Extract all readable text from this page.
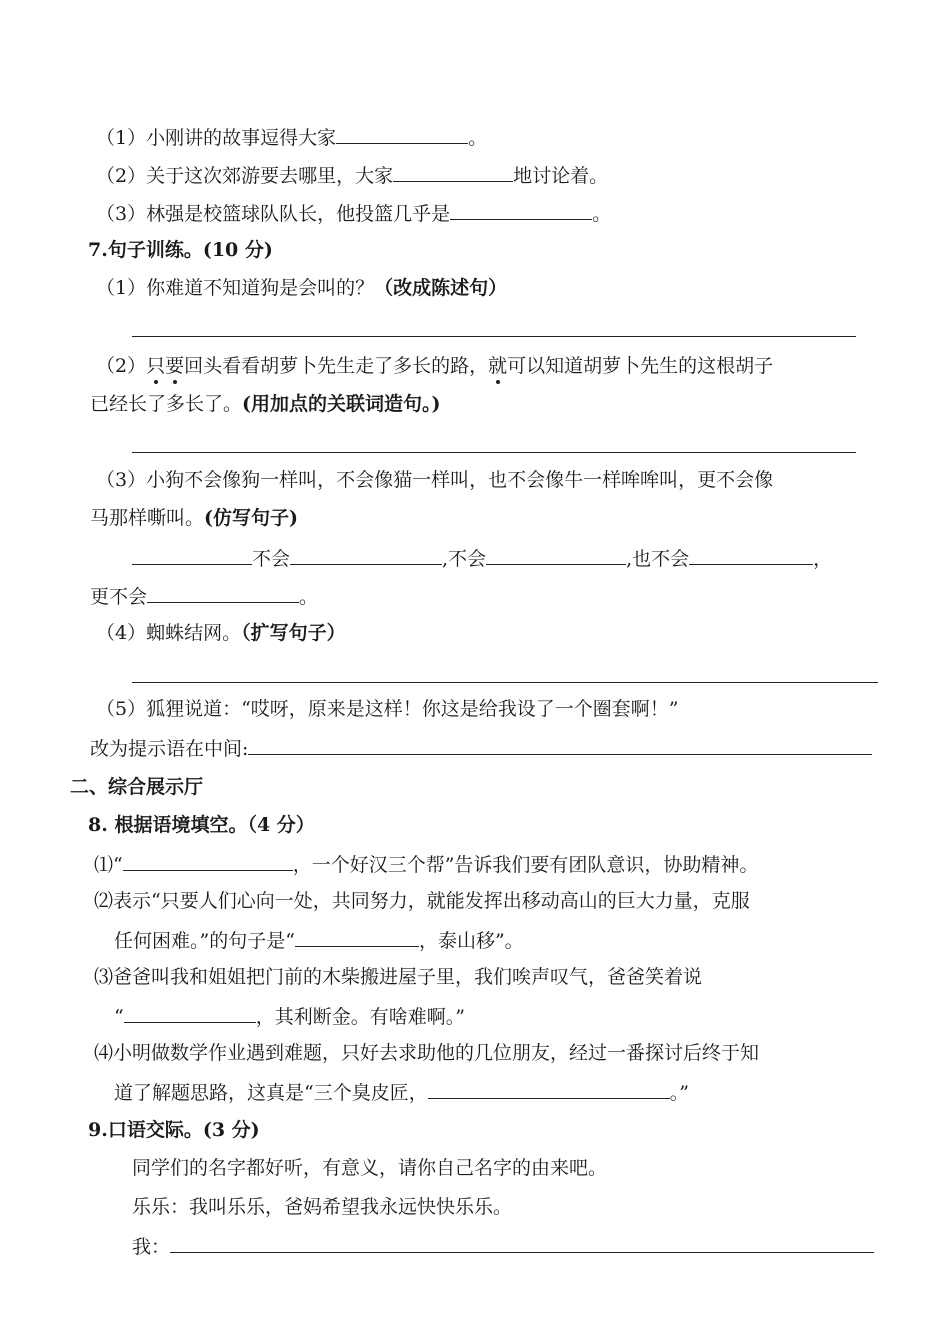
（1）小刚讲的故事逗得大家	。
（2）关于这次郊游要去哪里，大家	地讨论着。
（3）林强是校篮球队队长，他投篮几乎是	。
7.句子训练。(10 分)
（1）你难道不知道狗是会叫的？（改成陈述句）
（2）只要回头看看胡萝卜先生走了多长的路，就可以知道胡萝卜先生的这根胡子
已经长了多长了。(用加点的关联词造句。)
（3）小狗不会像狗一样叫，不会像猫一样叫，也不会像牛一样哞哞叫，更不会像
马那样嘶叫。(仿写句子)
不会	,不会	,也不会	，
更不会	。
（4）蜘蛛结网。（扩写句子）
（5）狐狸说道：“哎呀，原来是这样！你这是给我设了一个圈套啊！”
改为提示语在中间:
二、综合展示厅
8. 根据语境填空。（4 分）
⑴“	，一个好汉三个帮”告诉我们要有团队意识，协助精神。
⑵表示“只要人们心向一处，共同努力，就能发挥出移动高山的巨大力量，克服
任何困难。”的句子是“	，泰山移”。
⑶爸爸叫我和姐姐把门前的木柴搬进屋子里，我们唉声叹气，爸爸笑着说
“	，其利断金。有啥难啊。”
⑷小明做数学作业遇到难题，只好去求助他的几位朋友，经过一番探讨后终于知
道了解题思路，这真是“三个臭皮匠，	。”
9.口语交际。(3 分)
同学们的名字都好听，有意义，请你自己名字的由来吧。
乐乐：我叫乐乐，爸妈希望我永远快快乐乐。
我：
